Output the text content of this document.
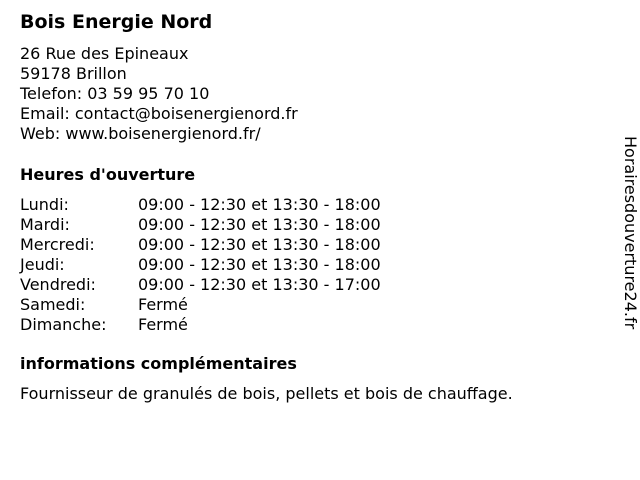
Bois Energie Nord
26 Rue des Epineaux
59178 Brillon
Telefon: 03 59 95 70 10
Email: contact@boisenergienord.fr
Web: www.boisenergienord.fr/
Heures d'ouverture
Lundi:	09:00 - 12:30 et 13:30 - 18:00
Mardi:	09:00 - 12:30 et 13:30 - 18:00
Mercredi:	09:00 - 12:30 et 13:30 - 18:00
Jeudi:	09:00 - 12:30 et 13:30 - 18:00
Vendredi:	09:00 - 12:30 et 13:30 - 17:00
Samedi:	Fermé
Dimanche:	Fermé
informations complémentaires
Fournisseur de granulés de bois, pellets et bois de chauffage.
Horairesdouverture24.fr
